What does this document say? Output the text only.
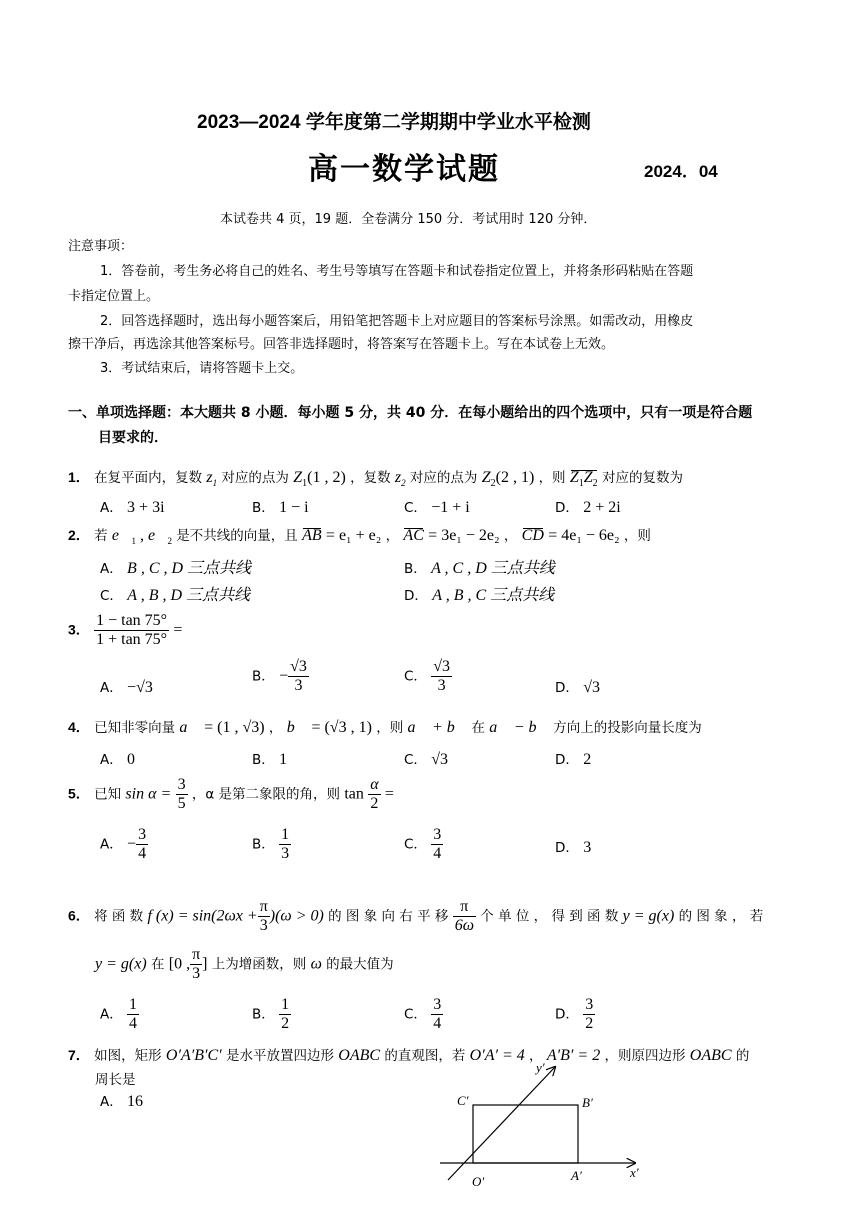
2023—2024 学年度第二学期期中学业水平检测
高一数学试题	2024．04
本试卷共 4 页，19 题．全卷满分 150 分．考试用时 120 分钟．
注意事项：
1．答卷前，考生务必将自己的姓名、考生号等填写在答题卡和试卷指定位置上，并将条形码粘贴在答题
卡指定位置上。
2．回答选择题时，选出每小题答案后，用铅笔把答题卡上对应题目的答案标号涂黑。如需改动，用橡皮
擦干净后，再选涂其他答案标号。回答非选择题时，将答案写在答题卡上。写在本试卷上无效。
3．考试结束后，请将答题卡上交。
一、单项选择题：本大题共 8 小题．每小题 5 分，共 40 分．在每小题给出的四个选项中，只有一项是符合题
目要求的．
1． 在复平面内，复数 $z_1$ 对应的点为 $Z_1(1$ , 2) ，复数 $z_2$ 对应的点为 $Z_2(2$ , 1) ，则 $Z_1Z_2$ 对应的复数为
A． 3 + 3i	B． 1 − i	C． −1 + i	D． 2 + 2i
2． 若 $e⃗_1$ , $e⃗_2$ 是不共线的向量，且 AB = e₁ + e₂ ， AC = 3e₁ − 2e₂ ， CD = 4e₁ − 6e₂ ，则
A． B , C , D 三点共线	B． A , C , D 三点共线
C． A , B , D 三点共线	D． A , B , C 三点共线
3． $\frac{1 - \tan 75^\circ}{1 + \tan 75^\circ}$ =
A． −√3
B． − $\frac{√3}{3}$	C． $\frac{√3}{3}$	D． √3
4． 已知非零向量 a⃗ = (1 , √3) ， b⃗ = (√3 , 1) ，则 a⃗ + b⃗ 在 a⃗ − b⃗ 方向上的投影向量长度为
A． 0	B． 1	C． √3	D． 2
5． 已知 $\sin \alpha = \frac{3}{5}$ ，α 是第二象限的角，则 $\tan \frac{\alpha}{2}$ =
A． − $\frac{3}{4}$	B． $\frac{1}{3}$	C． $\frac{3}{4}$	D． 3
6． 将 函 数 f $(x) = \sin(2\omega x + \frac{\pi}{3} )(\omega > 0)$ 的 图 象 向 右 平 移 $\frac{\pi}{6\omega}$ 个 单 位 ， 得 到 函 数 y = g(x) 的 图 象 ， 若
y = g(x) 在 [0 , $\frac{\pi}{3}$ ] 上为增函数，则 ω 的最大值为
A． $\frac{1}{4}$	B． $\frac{1}{2}$	C． $\frac{3}{4}$	D． $\frac{3}{2}$
7． 如图，矩形 O′A′B′C′ 是水平放置四边形 OABC 的直观图，若 O′A′ = 4 ， A′B′ = 2 ，则原四边形 OABC 的
周长是
A． 16
y′
C′	B′
O′	A′	x′
